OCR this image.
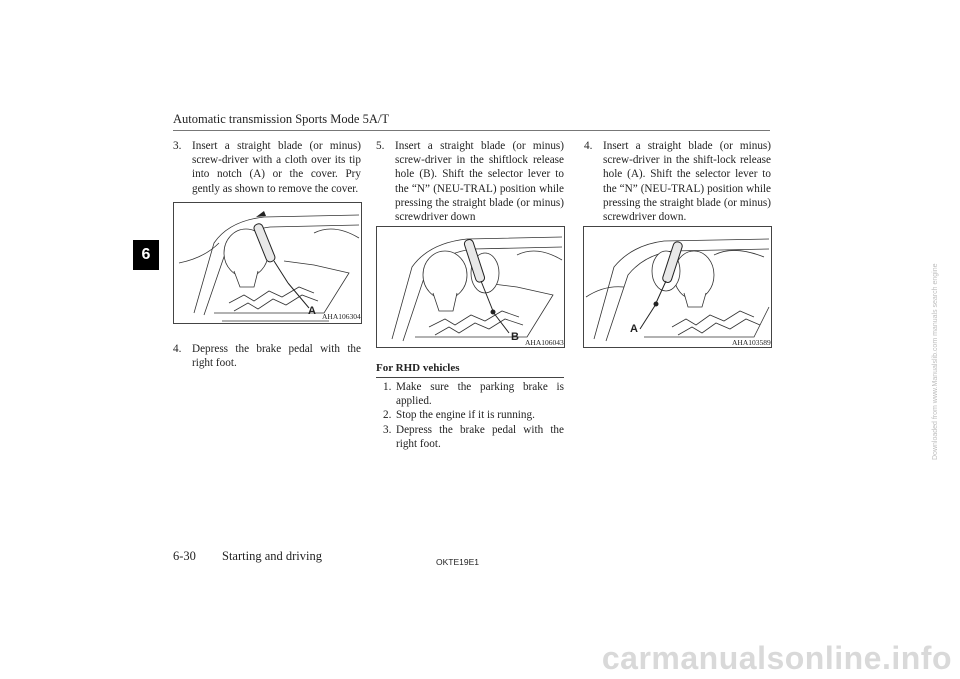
Automatic transmission Sports Mode 5A/T
6
3. Insert a straight blade (or minus) screw-driver with a cloth over its tip into notch (A) or the cover. Pry gently as shown to remove the cover.
A AHA106304
4. Depress the brake pedal with the right foot.
5. Insert a straight blade (or minus) screw-driver in the shiftlock release hole (B). Shift the selector lever to the “N” (NEU-TRAL) position while pressing the straight blade (or minus) screwdriver down
B AHA106043
For RHD vehicles
1. Make sure the parking brake is applied.
2. Stop the engine if it is running.
3. Depress the brake pedal with the right foot.
4. Insert a straight blade (or minus) screw-driver in the shift-lock release hole (A). Shift the selector lever to the “N” (NEU-TRAL) position while pressing the straight blade (or minus) screwdriver down.
A
AHA103589
6-30 Starting and driving	OKTE19E1
carmanualsonline.info
Downloaded from www.Manualslib.com manuals search engine
